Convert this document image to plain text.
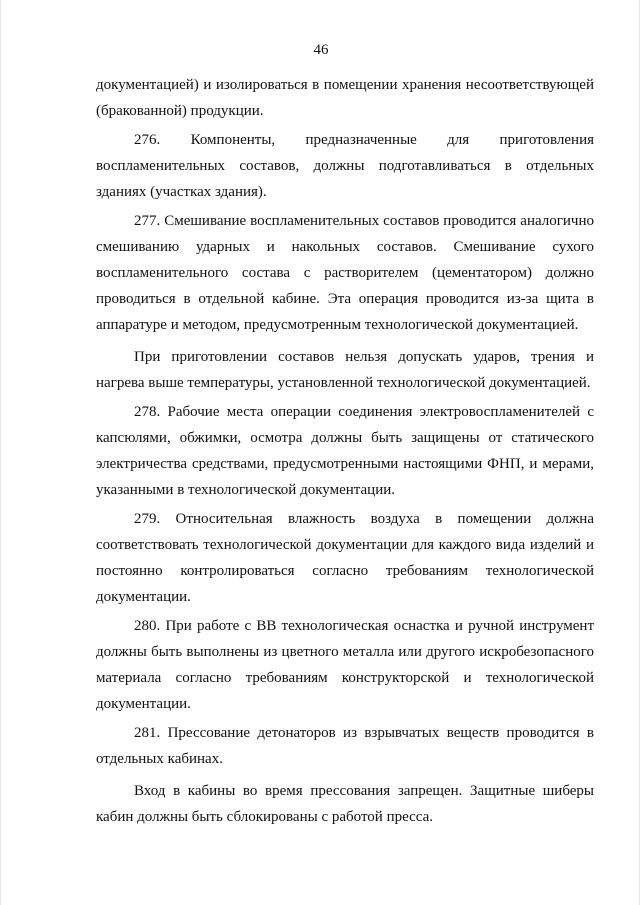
46

документацией) и изолироваться в помещении хранения несоответствующей (бракованной) продукции.

276. Компоненты, предназначенные для приготовления воспламенительных составов, должны подготавливаться в отдельных зданиях (участках здания).

277. Смешивание воспламенительных составов проводится аналогично смешиванию ударных и накольных составов. Смешивание сухого воспламенительного состава с растворителем (цементатором) должно проводиться в отдельной кабине. Эта операция проводится из-за щита в аппаратуре и методом, предусмотренным технологической документацией.

При приготовлении составов нельзя допускать ударов, трения и нагрева выше температуры, установленной технологической документацией.

278. Рабочие места операции соединения электровоспламенителей с капсюлями, обжимки, осмотра должны быть защищены от статического электричества средствами, предусмотренными настоящими ФНП, и мерами, указанными в технологической документации.

279. Относительная влажность воздуха в помещении должна соответствовать технологической документации для каждого вида изделий и постоянно контролироваться согласно требованиям технологической документации.

280. При работе с ВВ технологическая оснастка и ручной инструмент должны быть выполнены из цветного металла или другого искробезопасного материала согласно требованиям конструкторской и технологической документации.

281. Прессование детонаторов из взрывчатых веществ проводится в отдельных кабинах.

Вход в кабины во время прессования запрещен. Защитные шиберы кабин должны быть сблокированы с работой пресса.
